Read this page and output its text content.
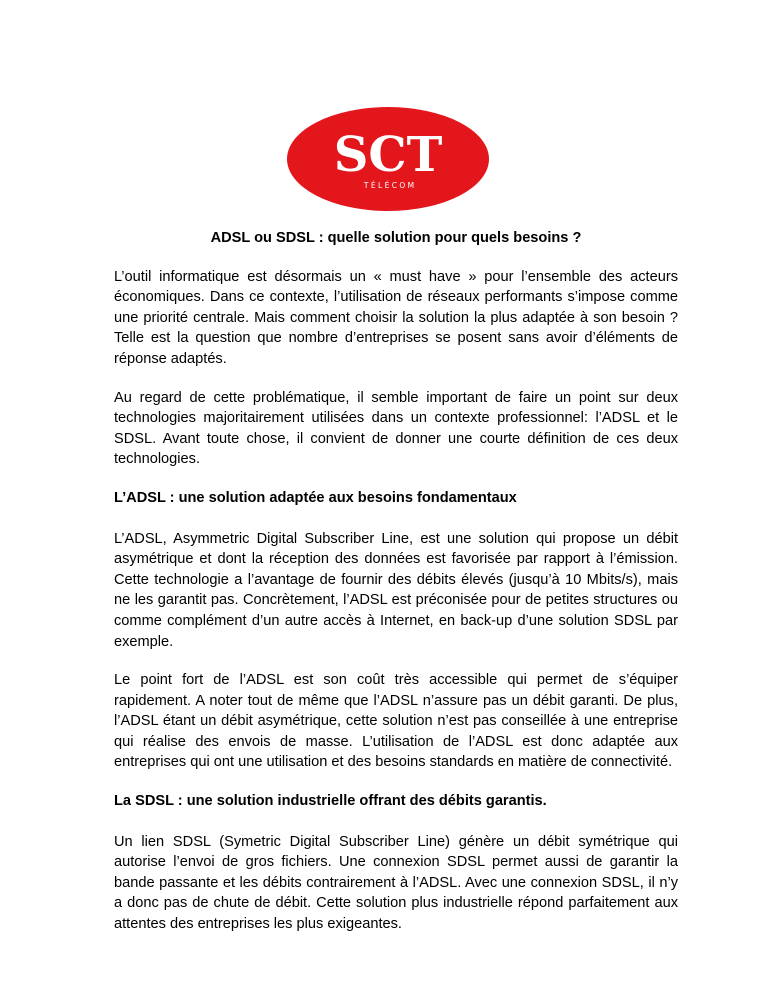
SCT
T É L É C O M
ADSL ou SDSL : quelle solution pour quels besoins ?

L’outil informatique est désormais un « must have » pour l’ensemble des acteurs économiques. Dans ce contexte, l’utilisation de réseaux performants s’impose comme une priorité centrale. Mais comment choisir la solution la plus adaptée à son besoin ? Telle est la question que nombre d’entreprises se posent sans avoir d’éléments de réponse adaptés.

Au regard de cette problématique, il semble important de faire un point sur deux technologies majoritairement utilisées dans un contexte professionnel: l’ADSL et le SDSL. Avant toute chose, il convient de donner une courte définition de ces deux technologies.

L’ADSL : une solution adaptée aux besoins fondamentaux

L’ADSL, Asymmetric Digital Subscriber Line, est une solution qui propose un débit asymétrique et dont la réception des données est favorisée par rapport à l’émission. Cette technologie a l’avantage de fournir des débits élevés (jusqu’à 10 Mbits/s), mais ne les garantit pas. Concrètement, l’ADSL est préconisée pour de petites structures ou comme complément d’un autre accès à Internet, en back-up d’une solution SDSL par exemple.

Le point fort de l’ADSL est son coût très accessible qui permet de s’équiper rapidement. A noter tout de même que l’ADSL n’assure pas un débit garanti. De plus, l’ADSL étant un débit asymétrique, cette solution n’est pas conseillée à une entreprise qui réalise des envois de masse. L’utilisation de l’ADSL est donc adaptée aux entreprises qui ont une utilisation et des besoins standards en matière de connectivité.

La SDSL : une solution industrielle offrant des débits garantis.

Un lien SDSL (Symetric Digital Subscriber Line) génère un débit symétrique qui autorise l’envoi de gros fichiers. Une connexion SDSL permet aussi de garantir la bande passante et les débits contrairement à l’ADSL. Avec une connexion SDSL, il n’y a donc pas de chute de débit. Cette solution plus industrielle répond parfaitement aux attentes des entreprises les plus exigeantes.
